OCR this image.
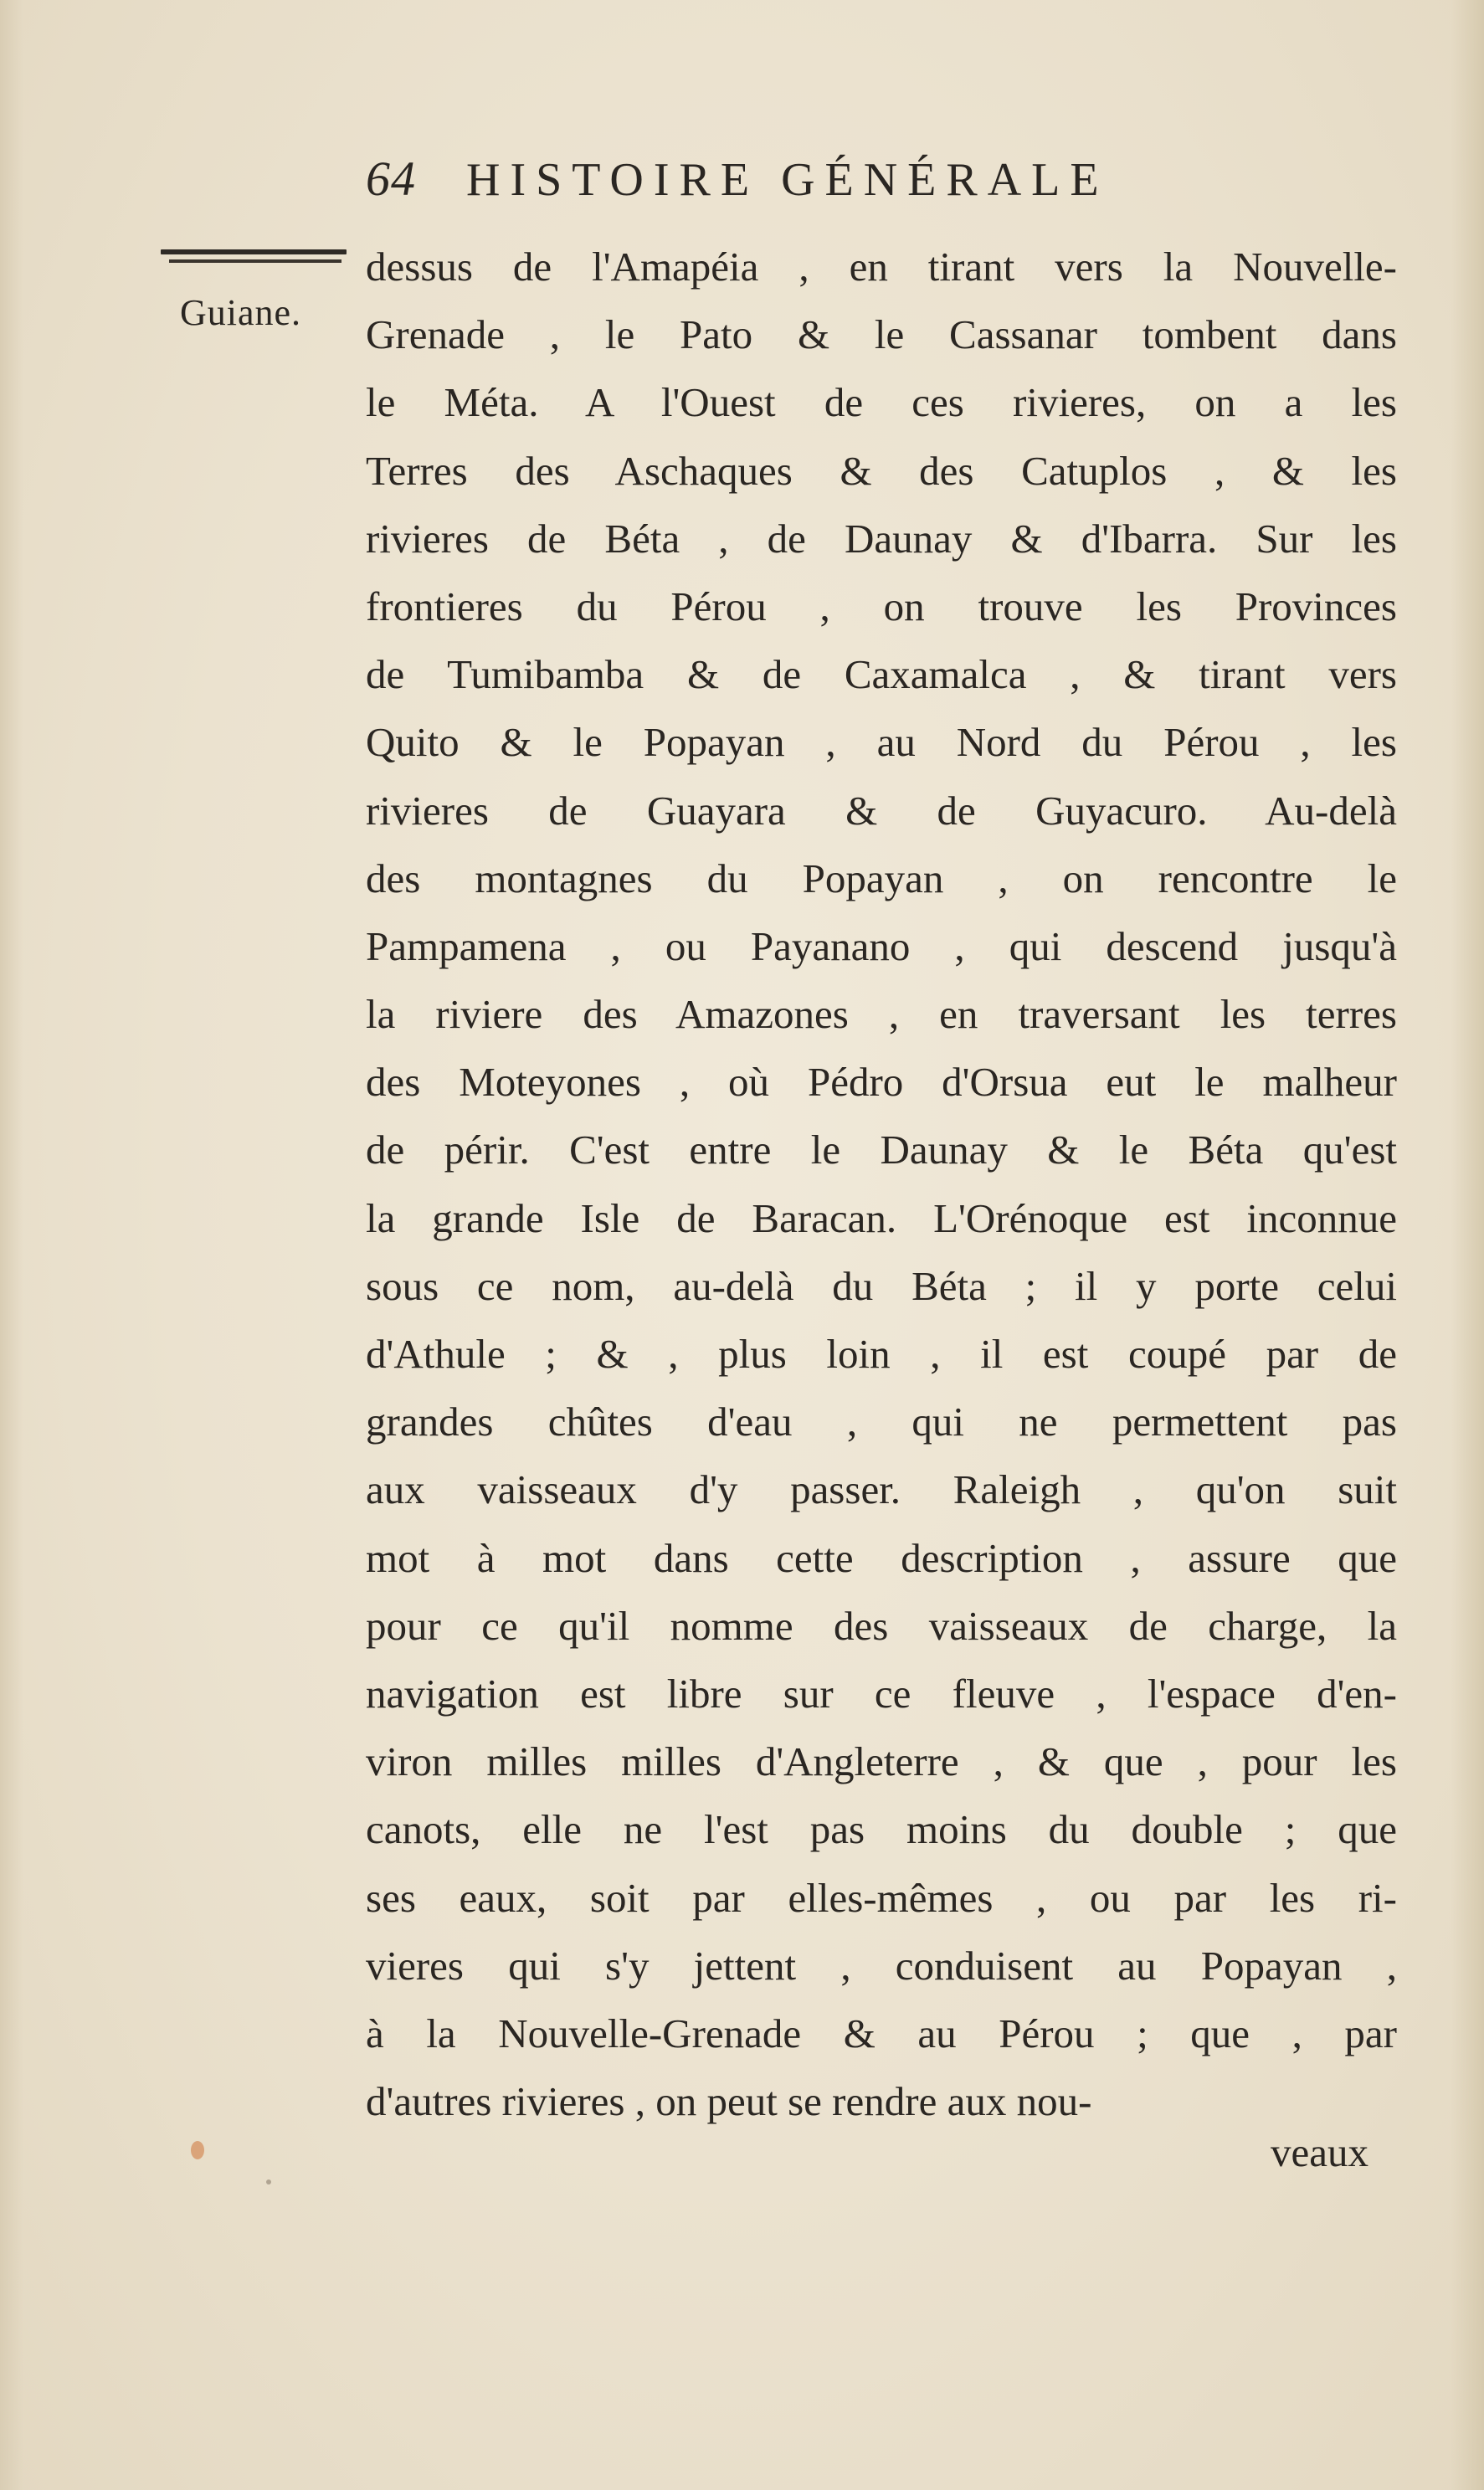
64 HISTOIRE GÉNÉRALE
Guiane.
dessus de l'Amapéia , en tirant vers la Nouvelle-
Grenade , le Pato & le Cassanar tombent dans
le Méta. A l'Ouest de ces rivieres, on a les
Terres des Aschaques & des Catuplos , & les
rivieres de Béta , de Daunay & d'Ibarra. Sur les
frontieres du Pérou , on trouve les Provinces
de Tumibamba & de Caxamalca , & tirant vers
Quito & le Popayan , au Nord du Pérou , les
rivieres de Guayara & de Guyacuro. Au-delà
des montagnes du Popayan , on rencontre le
Pampamena , ou Payanano , qui descend jusqu'à
la riviere des Amazones , en traversant les terres
des Moteyones , où Pédro d'Orsua eut le malheur
de périr. C'est entre le Daunay & le Béta qu'est
la grande Isle de Baracan. L'Orénoque est inconnue
sous ce nom, au-delà du Béta ; il y porte celui
d'Athule ; & , plus loin , il est coupé par de
grandes chûtes d'eau , qui ne permettent pas
aux vaisseaux d'y passer. Raleigh , qu'on suit
mot à mot dans cette description , assure que
pour ce qu'il nomme des vaisseaux de charge, la
navigation est libre sur ce fleuve , l'espace d'en-
viron milles milles d'Angleterre , & que , pour les
canots, elle ne l'est pas moins du double ; que
ses eaux, soit par elles-mêmes , ou par les ri-
vieres qui s'y jettent , conduisent au Popayan ,
à la Nouvelle-Grenade & au Pérou ; que , par
d'autres rivieres , on peut se rendre aux nou-
veaux
